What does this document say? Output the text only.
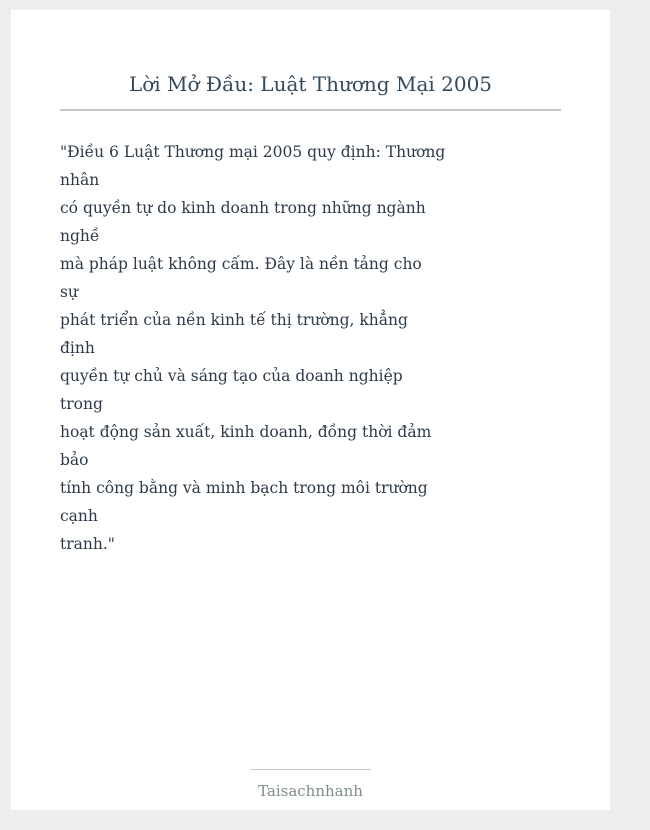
Lời Mở Đầu: Luật Thương Mại 2005
"Điều 6 Luật Thương mại 2005 quy định: Thương
nhân
có quyền tự do kinh doanh trong những ngành
nghề
mà pháp luật không cấm. Đây là nền tảng cho
sự
phát triển của nền kinh tế thị trường, khẳng
định
quyền tự chủ và sáng tạo của doanh nghiệp
trong
hoạt động sản xuất, kinh doanh, đồng thời đảm
bảo
tính công bằng và minh bạch trong môi trường
cạnh
tranh."
Taisachnhanh
